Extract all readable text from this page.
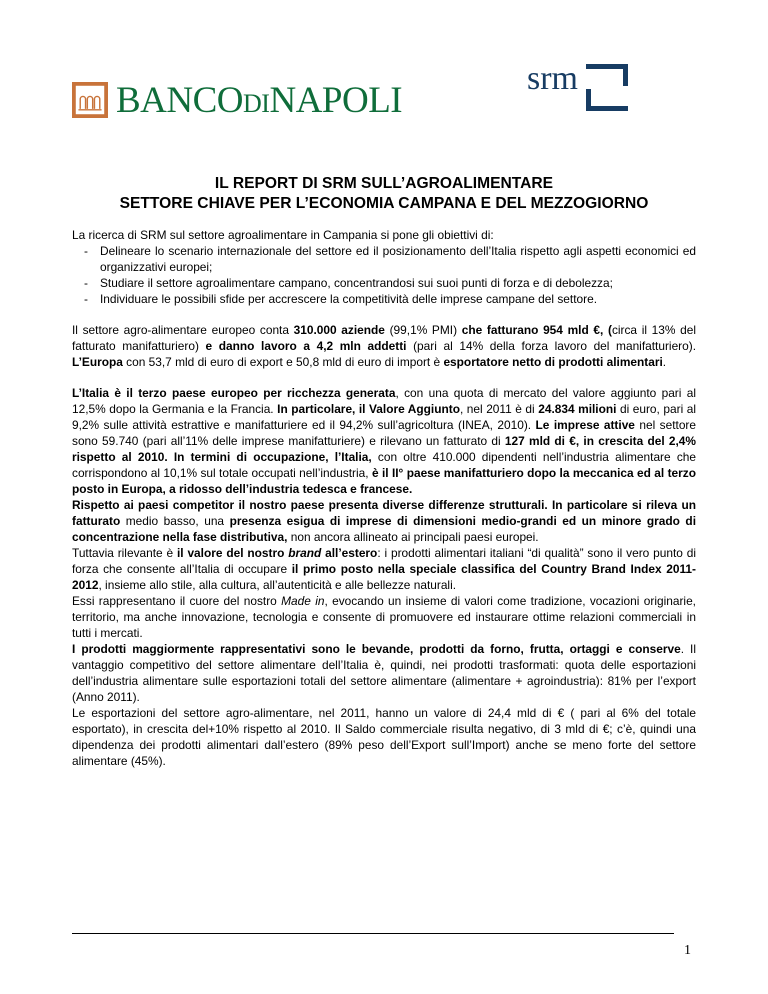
BANCODINAPOLI
srm
IL REPORT DI SRM SULL’AGROALIMENTARE
SETTORE CHIAVE PER L’ECONOMIA CAMPANA E DEL MEZZOGIORNO

La ricerca di SRM sul settore agroalimentare in Campania si pone gli obiettivi di:

-	Delineare lo scenario internazionale del settore ed il posizionamento dell’Italia rispetto agli aspetti economici ed organizzativi europei;
-	Studiare il settore agroalimentare campano, concentrandosi sui suoi punti di forza e di debolezza;
-	Individuare le possibili sfide per accrescere la competitività delle imprese campane del settore.

Il settore agro-alimentare europeo conta 310.000 aziende (99,1% PMI) che fatturano 954 mld €, (circa il 13% del fatturato manifatturiero) e danno lavoro a 4,2 mln addetti (pari al 14% della forza lavoro del manifatturiero). L’Europa con 53,7 mld di euro di export e 50,8 mld di euro di import è esportatore netto di prodotti alimentari.

L’Italia è il terzo paese europeo per ricchezza generata, con una quota di mercato del valore aggiunto pari al 12,5% dopo la Germania e la Francia. In particolare, il Valore Aggiunto, nel 2011 è di 24.834 milioni di euro, pari al 9,2% sulle attività estrattive e manifatturiere ed il 94,2% sull’agricoltura (INEA, 2010). Le imprese attive nel settore sono 59.740 (pari all’11% delle imprese manifatturiere) e rilevano un fatturato di 127 mld di €, in crescita del 2,4% rispetto al 2010. In termini di occupazione, l’Italia, con oltre 410.000 dipendenti nell’industria alimentare che corrispondono al 10,1% sul totale occupati nell’industria, è il II° paese manifatturiero dopo la meccanica ed al terzo posto in Europa, a ridosso dell’industria tedesca e francese.

Rispetto ai paesi competitor il nostro paese presenta diverse differenze strutturali. In particolare si rileva un fatturato medio basso, una presenza esigua di imprese di dimensioni medio-grandi ed un minore grado di concentrazione nella fase distributiva, non ancora allineato ai principali paesi europei.

Tuttavia rilevante è il valore del nostro brand all’estero: i prodotti alimentari italiani “di qualità” sono il vero punto di forza che consente all’Italia di occupare il primo posto nella speciale classifica del Country Brand Index 2011-2012, insieme allo stile, alla cultura, all’autenticità e alle bellezze naturali.

Essi rappresentano il cuore del nostro Made in, evocando un insieme di valori come tradizione, vocazioni originarie, territorio, ma anche innovazione, tecnologia e consente di promuovere ed instaurare ottime relazioni commerciali in tutti i mercati.

I prodotti maggiormente rappresentativi sono le bevande, prodotti da forno, frutta, ortaggi e conserve. Il vantaggio competitivo del settore alimentare dell’Italia è, quindi, nei prodotti trasformati: quota delle esportazioni dell’industria alimentare sulle esportazioni totali del settore alimentare (alimentare + agroindustria): 81% per l’export (Anno 2011).

Le esportazioni del settore agro-alimentare, nel 2011, hanno un valore di 24,4 mld di € ( pari al 6% del totale esportato), in crescita del+10% rispetto al 2010. Il Saldo commerciale risulta negativo, di 3 mld di €; c’è, quindi una dipendenza dei prodotti alimentari dall’estero (89% peso dell’Export sull’Import) anche se meno forte del settore alimentare (45%).

1
